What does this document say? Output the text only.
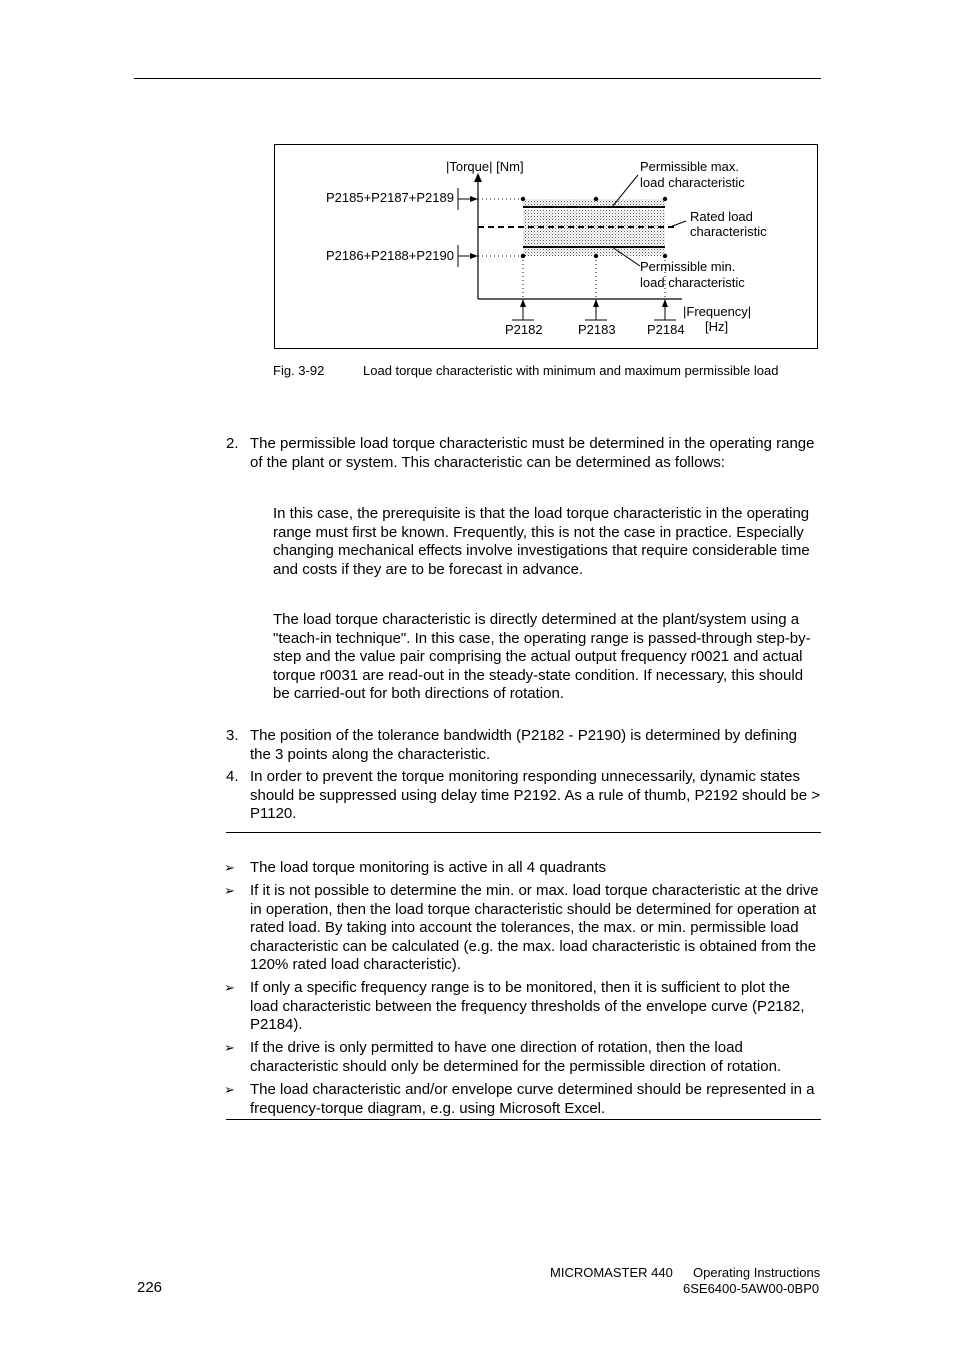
|Torque| [Nm]	Permissible max.
load characteristic
P2185+P2187+P2189
Rated load
characteristic
P2186+P2188+P2190
Permissible min.
load characteristic
|Frequency|
[Hz]
P2182	P2183 P2184
Fig. 3-92	Load torque characteristic with minimum and maximum permissible load
2. The permissible load torque characteristic must be determined in the operating range of the plant or system. This characteristic can be determined as follows:
In this case, the prerequisite is that the load torque characteristic in the operating range must first be known. Frequently, this is not the case in practice. Especially changing mechanical effects involve investigations that require considerable time and costs if they are to be forecast in advance.
The load torque characteristic is directly determined at the plant/system using a "teach-in technique". In this case, the operating range is passed-through step-by-step and the value pair comprising the actual output frequency r0021 and actual torque r0031 are read-out in the steady-state condition. If necessary, this should be carried-out for both directions of rotation.
3. The position of the tolerance bandwidth (P2182 - P2190) is determined by defining the 3 points along the characteristic.
4. In order to prevent the torque monitoring responding unnecessarily, dynamic states should be suppressed using delay time P2192. As a rule of thumb, P2192 should be > P1120.
➢ The load torque monitoring is active in all 4 quadrants
➢ If it is not possible to determine the min. or max. load torque characteristic at the drive in operation, then the load torque characteristic should be determined for operation at rated load. By taking into account the tolerances, the max. or min. permissible load characteristic can be calculated (e.g. the max. load characteristic is obtained from the 120% rated load characteristic).
➢ If only a specific frequency range is to be monitored, then it is sufficient to plot the load characteristic between the frequency thresholds of the envelope curve (P2182, P2184).
➢ If the drive is only permitted to have one direction of rotation, then the load characteristic should only be determined for the permissible direction of rotation.
➢ The load characteristic and/or envelope curve determined should be represented in a frequency-torque diagram, e.g. using Microsoft Excel.
226
MICROMASTER 440 Operating Instructions
6SE6400-5AW00-0BP0
